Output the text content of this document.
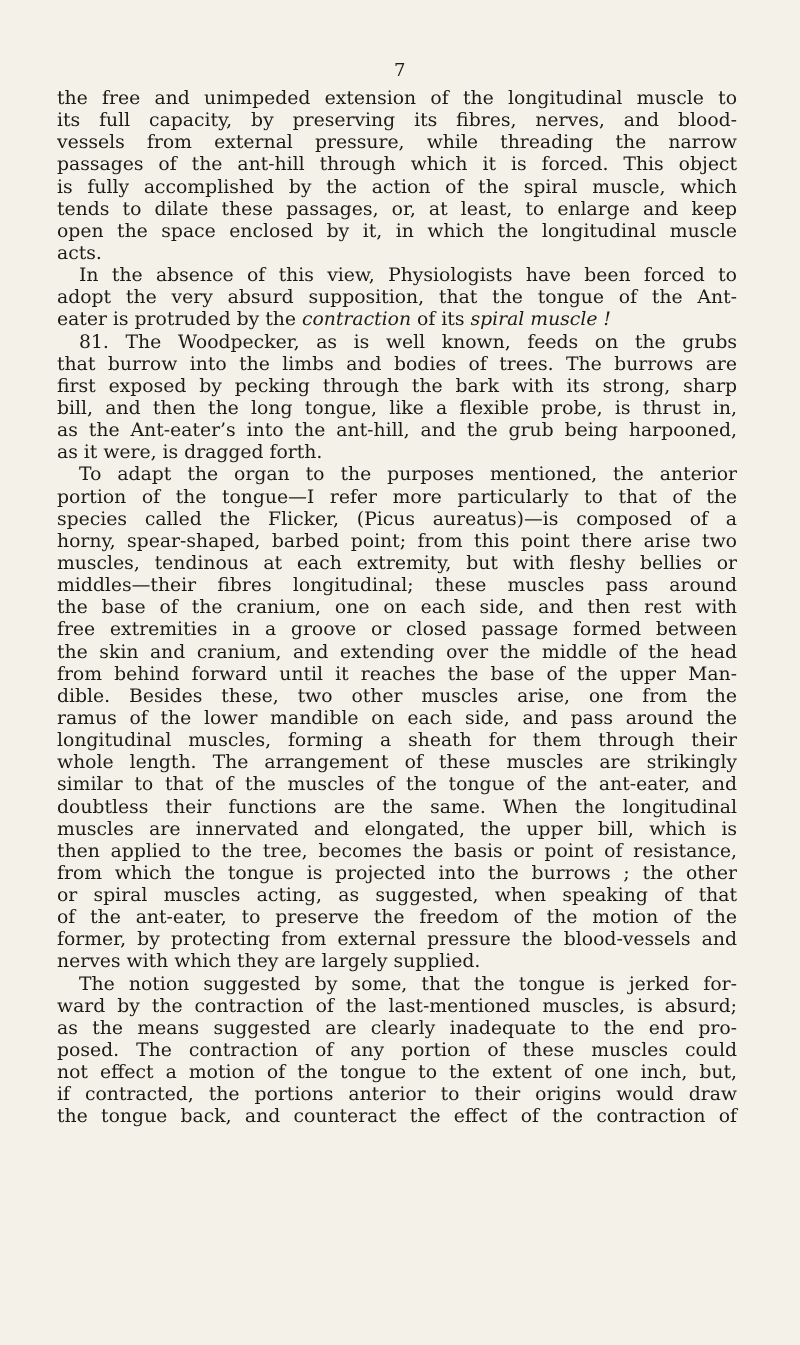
7
the free and unimpeded extension of the longitudinal muscle to
its full capacity, by preserving its fibres, nerves, and blood-
vessels from external pressure, while threading the narrow
passages of the ant-hill through which it is forced. This object
is fully accomplished by the action of the spiral muscle, which
tends to dilate these passages, or, at least, to enlarge and keep
open the space enclosed by it, in which the longitudinal muscle
acts.
In the absence of this view, Physiologists have been forced to
adopt the very absurd supposition, that the tongue of the Ant-
eater is protruded by the contraction of its spiral muscle !
81. The Woodpecker, as is well known, feeds on the grubs
that burrow into the limbs and bodies of trees. The burrows are
first exposed by pecking through the bark with its strong, sharp
bill, and then the long tongue, like a flexible probe, is thrust in,
as the Ant-eater’s into the ant-hill, and the grub being harpooned,
as it were, is dragged forth.
To adapt the organ to the purposes mentioned, the anterior
portion of the tongue—I refer more particularly to that of the
species called the Flicker, (Picus aureatus)—is composed of a
horny, spear-shaped, barbed point; from this point there arise two
muscles, tendinous at each extremity, but with fleshy bellies or
middles—their fibres longitudinal; these muscles pass around
the base of the cranium, one on each side, and then rest with
free extremities in a groove or closed passage formed between
the skin and cranium, and extending over the middle of the head
from behind forward until it reaches the base of the upper Man-
dible. Besides these, two other muscles arise, one from the
ramus of the lower mandible on each side, and pass around the
longitudinal muscles, forming a sheath for them through their
whole length. The arrangement of these muscles are strikingly
similar to that of the muscles of the tongue of the ant-eater, and
doubtless their functions are the same. When the longitudinal
muscles are innervated and elongated, the upper bill, which is
then applied to the tree, becomes the basis or point of resistance,
from which the tongue is projected into the burrows ; the other
or spiral muscles acting, as suggested, when speaking of that
of the ant-eater, to preserve the freedom of the motion of the
former, by protecting from external pressure the blood-vessels and
nerves with which they are largely supplied.
The notion suggested by some, that the tongue is jerked for-
ward by the contraction of the last-mentioned muscles, is absurd;
as the means suggested are clearly inadequate to the end pro-
posed. The contraction of any portion of these muscles could
not effect a motion of the tongue to the extent of one inch, but,
if contracted, the portions anterior to their origins would draw
the tongue back, and counteract the effect of the contraction of
